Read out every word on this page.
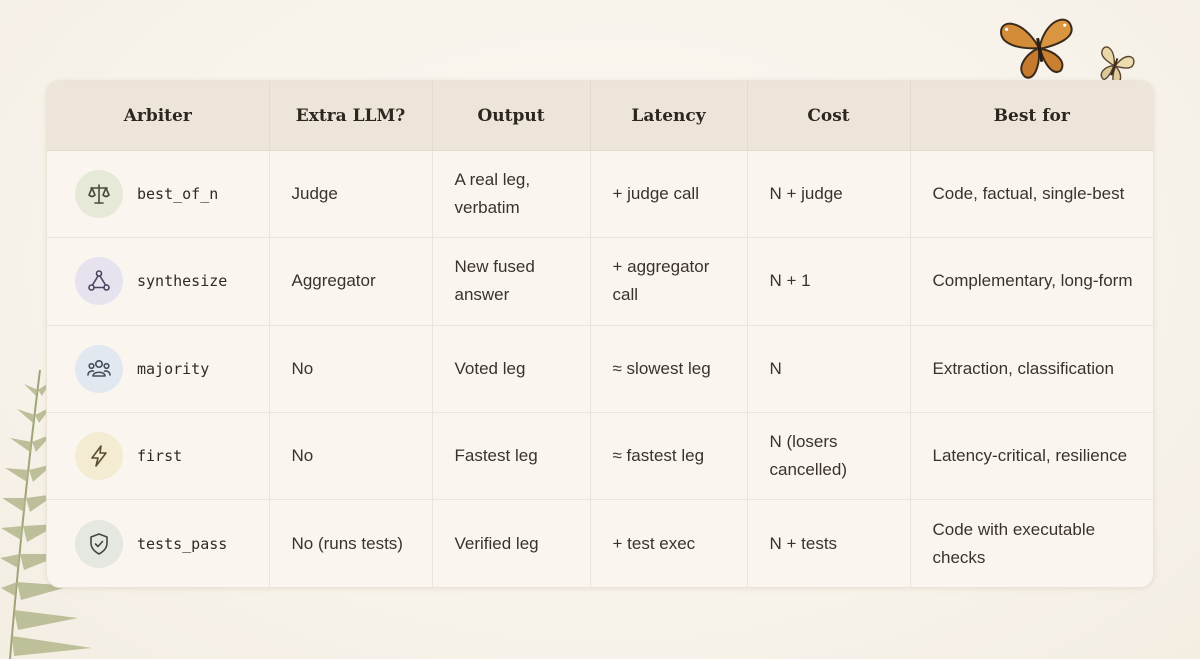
Arbiter	Extra LLM?	Output	Latency	Cost	Best for

best_of_n	Judge	A real leg, verbatim	+ judge call	N + judge	Code, factual, single-best

synthesize	Aggregator	New fused answer	+ aggregator call	N + 1	Complementary, long-form

majority	No	Voted leg	≈ slowest leg	N	Extraction, classification

first	No	Fastest leg	≈ fastest leg	N (losers cancelled)	Latency-critical, resilience

tests_pass	No (runs tests)	Verified leg	+ test exec	N + tests	Code with executable checks
